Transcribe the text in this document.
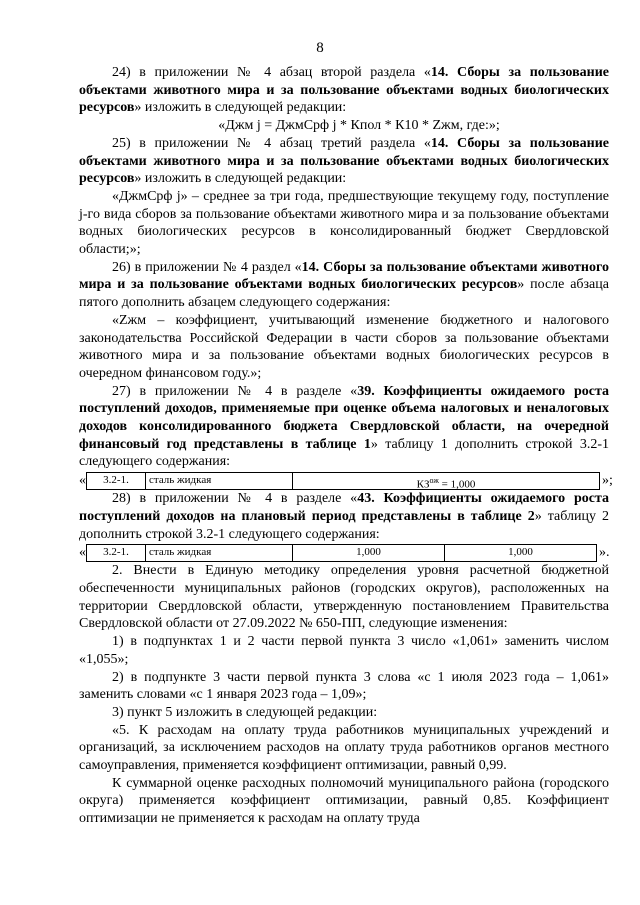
8

24) в приложении № 4 абзац второй раздела «14. Сборы за пользование объектами животного мира и за пользование объектами водных биологических ресурсов» изложить в следующей редакции:

«Джм j = ДжмСрф j * Кпол * К10 * Zжм, где:»;

25) в приложении № 4 абзац третий раздела «14. Сборы за пользование объектами животного мира и за пользование объектами водных биологических ресурсов» изложить в следующей редакции:

«ДжмСрф j» – среднее за три года, предшествующие текущему году, поступление j-го вида сборов за пользование объектами животного мира и за пользование объектами водных биологических ресурсов в консолидированный бюджет Свердловской области;»;

26) в приложении № 4 раздел «14. Сборы за пользование объектами животного мира и за пользование объектами водных биологических ресурсов» после абзаца пятого дополнить абзацем следующего содержания:

«Zжм – коэффициент, учитывающий изменение бюджетного и налогового законодательства Российской Федерации в части сборов за пользование объектами животного мира и за пользование объектами водных биологических ресурсов в очередном финансовом году.»;

27) в приложении № 4 в разделе «39. Коэффициенты ожидаемого роста поступлений доходов, применяемые при оценке объема налоговых и неналоговых доходов консолидированного бюджета Свердловской области, на очередной финансовый год представлены в таблице 1» таблицу 1 дополнить строкой 3.2-1 следующего содержания:

«	3.2-1.	сталь жидкая	$КЗ^{ож} = 1,000$	»;

28) в приложении № 4 в разделе «43. Коэффициенты ожидаемого роста поступлений доходов на плановый период представлены в таблице 2» таблицу 2 дополнить строкой 3.2-1 следующего содержания:

«	3.2-1.	сталь жидкая	1,000	1,000	».

2. Внести в Единую методику определения уровня расчетной бюджетной обеспеченности муниципальных районов (городских округов), расположенных на территории Свердловской области, утвержденную постановлением Правительства Свердловской области от 27.09.2022 № 650-ПП, следующие изменения:

1) в подпунктах 1 и 2 части первой пункта 3 число «1,061» заменить числом «1,055»;

2) в подпункте 3 части первой пункта 3 слова «с 1 июля 2023 года – 1,061» заменить словами «с 1 января 2023 года – 1,09»;

3) пункт 5 изложить в следующей редакции:

«5. К расходам на оплату труда работников муниципальных учреждений и организаций, за исключением расходов на оплату труда работников органов местного самоуправления, применяется коэффициент оптимизации, равный 0,99.

К суммарной оценке расходных полномочий муниципального района (городского округа) применяется коэффициент оптимизации, равный 0,85. Коэффициент оптимизации не применяется к расходам на оплату труда
